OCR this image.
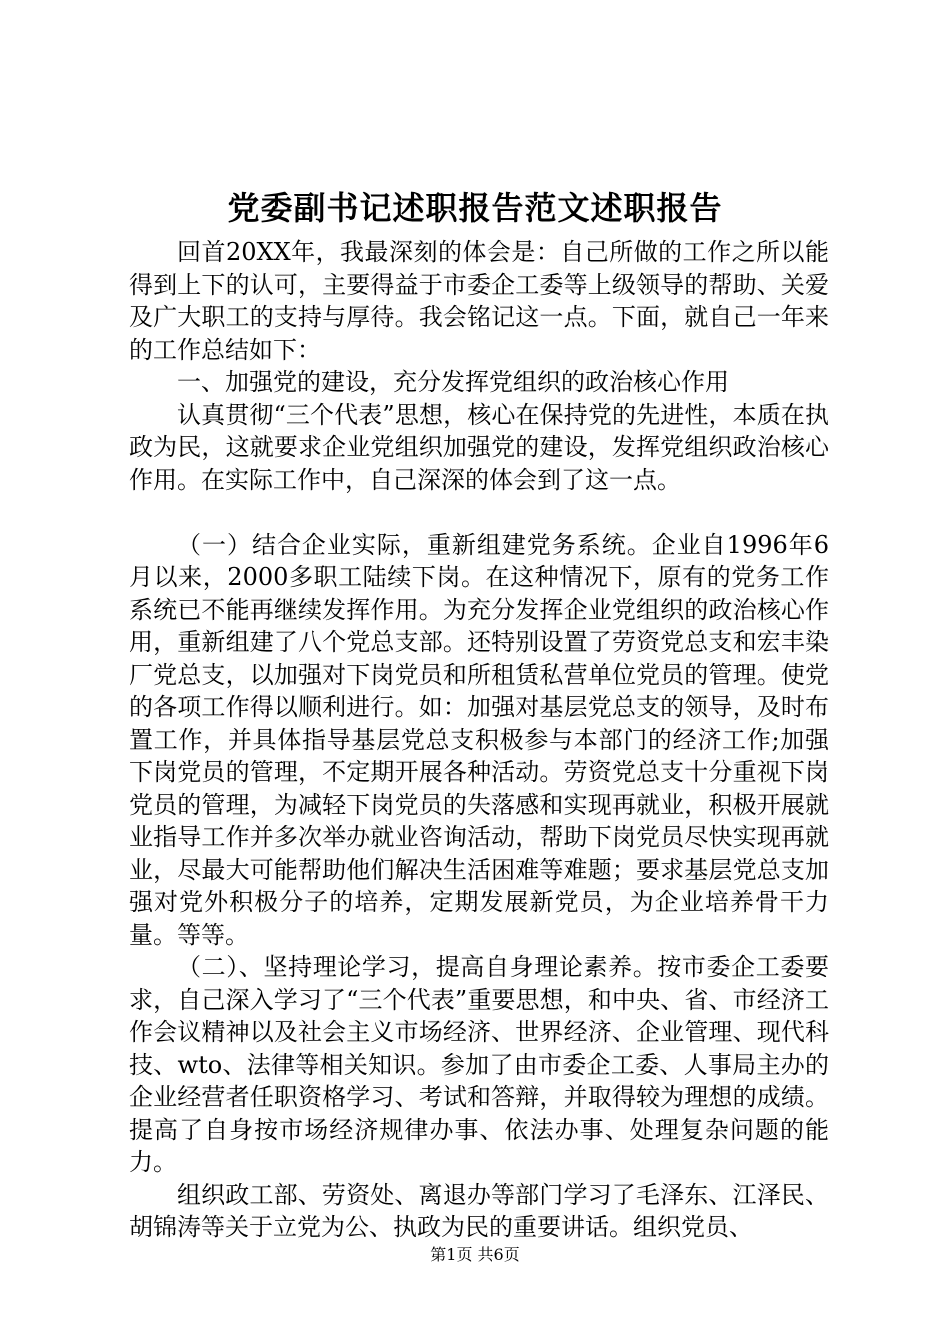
党委副书记述职报告范文述职报告

回首20XX年，我最深刻的体会是：自己所做的工作之所以能得到上下的认可，主要得益于市委企工委等上级领导的帮助、关爱及广大职工的支持与厚待。我会铭记这一点。下面，就自己一年来的工作总结如下：

一、加强党的建设，充分发挥党组织的政治核心作用

认真贯彻“三个代表”思想，核心在保持党的先进性，本质在执政为民，这就要求企业党组织加强党的建设，发挥党组织政治核心作用。在实际工作中，自己深深的体会到了这一点。

（一）结合企业实际，重新组建党务系统。企业自1996年6月以来，2000多职工陆续下岗。在这种情况下，原有的党务工作系统已不能再继续发挥作用。为充分发挥企业党组织的政治核心作用，重新组建了八个党总支部。还特别设置了劳资党总支和宏丰染厂党总支，以加强对下岗党员和所租赁私营单位党员的管理。使党的各项工作得以顺利进行。如：加强对基层党总支的领导，及时布置工作，并具体指导基层党总支积极参与本部门的经济工作;加强下岗党员的管理，不定期开展各种活动。劳资党总支十分重视下岗党员的管理，为减轻下岗党员的失落感和实现再就业，积极开展就业指导工作并多次举办就业咨询活动，帮助下岗党员尽快实现再就业，尽最大可能帮助他们解决生活困难等难题；要求基层党总支加强对党外积极分子的培养，定期发展新党员，为企业培养骨干力量。等等。

（二）、坚持理论学习，提高自身理论素养。按市委企工委要求，自己深入学习了“三个代表”重要思想，和中央、省、市经济工作会议精神以及社会主义市场经济、世界经济、企业管理、现代科技、wto、法律等相关知识。参加了由市委企工委、人事局主办的企业经营者任职资格学习、考试和答辩，并取得较为理想的成绩。提高了自身按市场经济规律办事、依法办事、处理复杂问题的能力。

组织政工部、劳资处、离退办等部门学习了毛泽东、江泽民、胡锦涛等关于立党为公、执政为民的重要讲话。组织党员、

第1页 共6页
